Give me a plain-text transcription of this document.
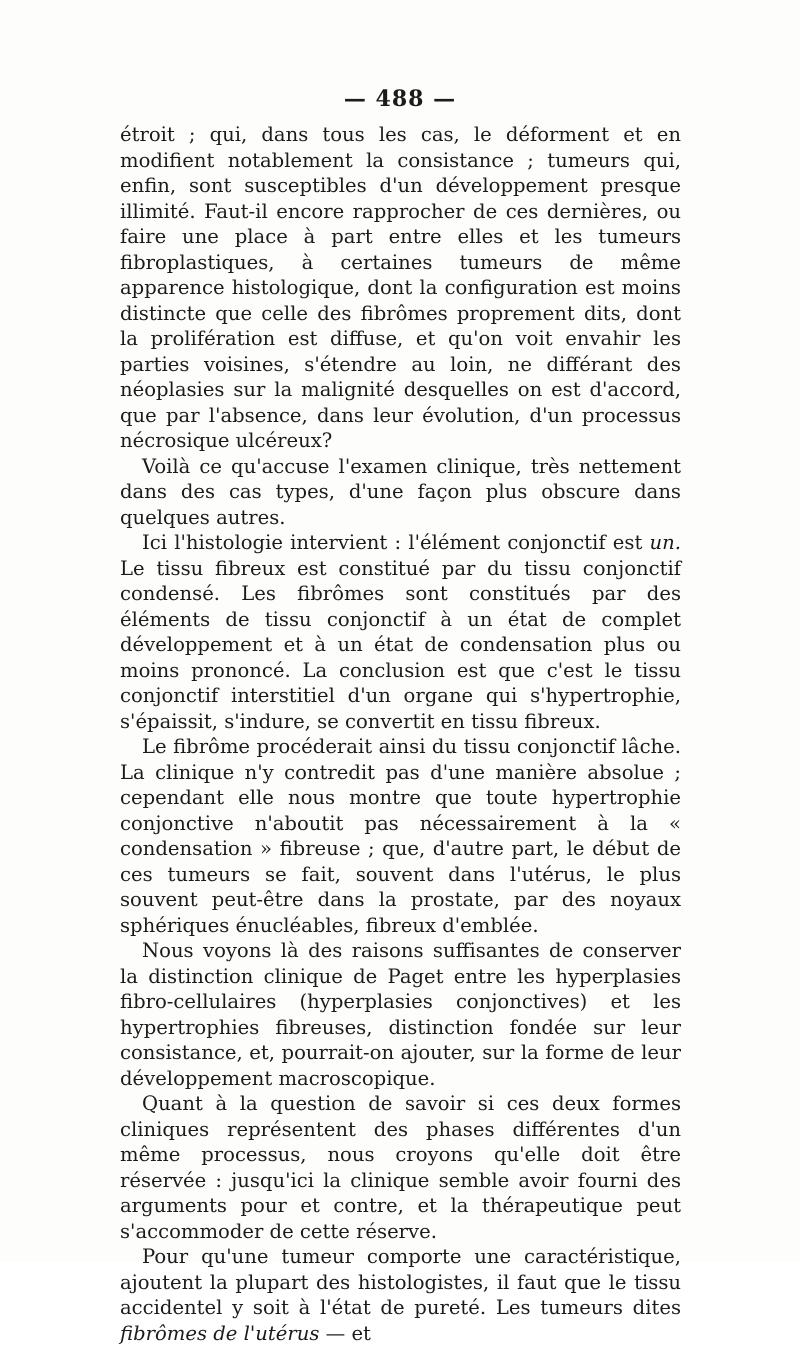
— 488 —

étroit ; qui, dans tous les cas, le déforment et en modifient notablement la consistance ; tumeurs qui, enfin, sont susceptibles d'un développement presque illimité. Faut-il encore rapprocher de ces dernières, ou faire une place à part entre elles et les tumeurs fibroplastiques, à certaines tumeurs de même apparence histologique, dont la configuration est moins distincte que celle des fibrômes proprement dits, dont la prolifération est diffuse, et qu'on voit envahir les parties voisines, s'étendre au loin, ne différant des néoplasies sur la malignité desquelles on est d'accord, que par l'absence, dans leur évolution, d'un processus nécrosique ulcéreux?

Voilà ce qu'accuse l'examen clinique, très nettement dans des cas types, d'une façon plus obscure dans quelques autres.

Ici l'histologie intervient : l'élément conjonctif est un. Le tissu fibreux est constitué par du tissu conjonctif condensé. Les fibrômes sont constitués par des éléments de tissu conjonctif à un état de complet développement et à un état de condensation plus ou moins prononcé. La conclusion est que c'est le tissu conjonctif interstitiel d'un organe qui s'hypertrophie, s'épaissit, s'indure, se convertit en tissu fibreux.

Le fibrôme procéderait ainsi du tissu conjonctif lâche. La clinique n'y contredit pas d'une manière absolue ; cependant elle nous montre que toute hypertrophie conjonctive n'aboutit pas nécessairement à la « condensation » fibreuse ; que, d'autre part, le début de ces tumeurs se fait, souvent dans l'utérus, le plus souvent peut-être dans la prostate, par des noyaux sphériques énucléables, fibreux d'emblée.

Nous voyons là des raisons suffisantes de conserver la distinction clinique de Paget entre les hyperplasies fibro-cellulaires (hyperplasies conjonctives) et les hypertrophies fibreuses, distinction fondée sur leur consistance, et, pourrait-on ajouter, sur la forme de leur développement macroscopique.

Quant à la question de savoir si ces deux formes cliniques représentent des phases différentes d'un même processus, nous croyons qu'elle doit être réservée : jusqu'ici la clinique semble avoir fourni des arguments pour et contre, et la thérapeutique peut s'accommoder de cette réserve.

Pour qu'une tumeur comporte une caractéristique, ajoutent la plupart des histologistes, il faut que le tissu accidentel y soit à l'état de pureté. Les tumeurs dites fibrômes de l'utérus — et
